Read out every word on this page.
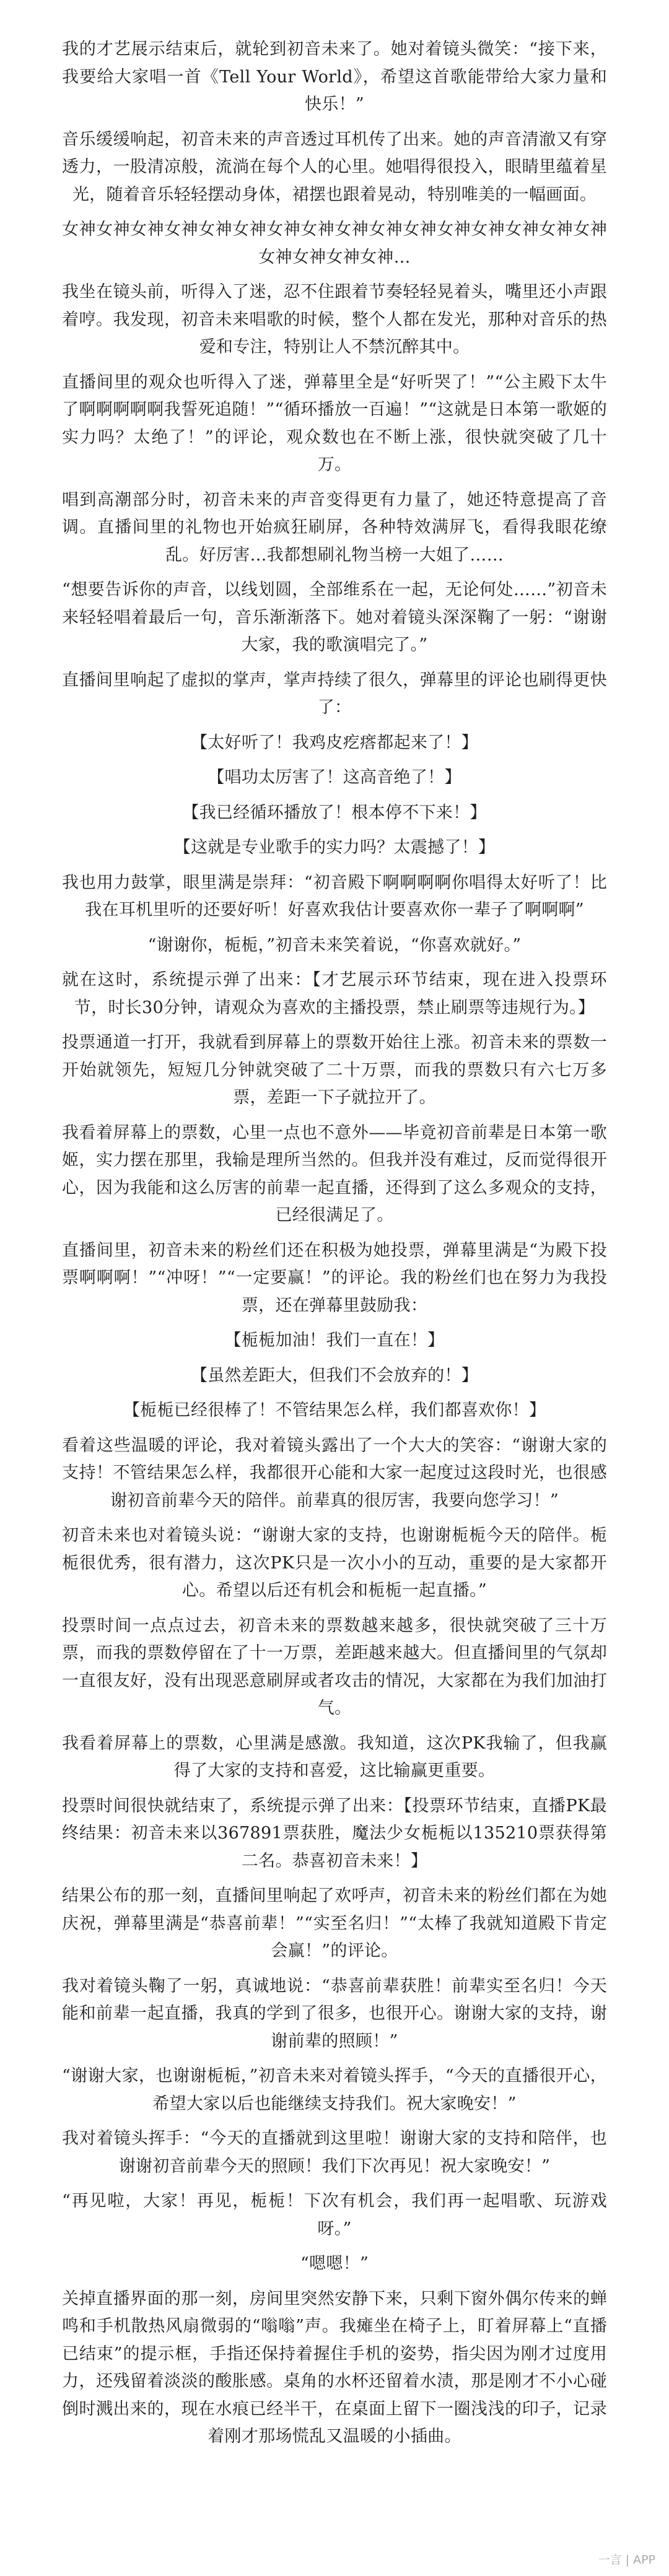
我的才艺展示结束后，就轮到初音未来了。她对着镜头微笑：“接下来，我要给大家唱一首《Tell Your World》，希望这首歌能带给大家力量和快乐！”

音乐缓缓响起，初音未来的声音透过耳机传了出来。她的声音清澈又有穿透力，一股清凉般，流淌在每个人的心里。她唱得很投入，眼睛里蕴着星光，随着音乐轻轻摆动身体，裙摆也跟着晃动，特别唯美的一幅画面。

女神女神女神女神女神女神女神女神女神女神女神女神女神女神女神女神女神女神女神女神…

我坐在镜头前，听得入了迷，忍不住跟着节奏轻轻晃着头，嘴里还小声跟着哼。我发现，初音未来唱歌的时候，整个人都在发光，那种对音乐的热爱和专注，特别让人不禁沉醉其中。

直播间里的观众也听得入了迷，弹幕里全是“好听哭了！”“公主殿下太牛了啊啊啊啊啊我誓死追随！”“循环播放一百遍！”“这就是日本第一歌姬的实力吗？太绝了！”的评论，观众数也在不断上涨，很快就突破了几十万。

唱到高潮部分时，初音未来的声音变得更有力量了，她还特意提高了音调。直播间里的礼物也开始疯狂刷屏，各种特效满屏飞，看得我眼花缭乱。好厉害…我都想刷礼物当榜一大姐了……

“想要告诉你的声音，以线划圆，全部维系在一起，无论何处……”初音未来轻轻唱着最后一句，音乐渐渐落下。她对着镜头深深鞠了一躬：“谢谢大家，我的歌演唱完了。”

直播间里响起了虚拟的掌声，掌声持续了很久，弹幕里的评论也刷得更快了：

【太好听了！我鸡皮疙瘩都起来了！】

【唱功太厉害了！这高音绝了！】

【我已经循环播放了！根本停不下来！】

【这就是专业歌手的实力吗？太震撼了！】

我也用力鼓掌，眼里满是崇拜：“初音殿下啊啊啊啊你唱得太好听了！比我在耳机里听的还要好听！好喜欢我估计要喜欢你一辈子了啊啊啊”

“谢谢你，栀栀，”初音未来笑着说，“你喜欢就好。”

就在这时，系统提示弹了出来：【才艺展示环节结束，现在进入投票环节，时长30分钟，请观众为喜欢的主播投票，禁止刷票等违规行为。】

投票通道一打开，我就看到屏幕上的票数开始往上涨。初音未来的票数一开始就领先，短短几分钟就突破了二十万票，而我的票数只有六七万多票，差距一下子就拉开了。

我看着屏幕上的票数，心里一点也不意外——毕竟初音前辈是日本第一歌姬，实力摆在那里，我输是理所当然的。但我并没有难过，反而觉得很开心，因为我能和这么厉害的前辈一起直播，还得到了这么多观众的支持，已经很满足了。

直播间里，初音未来的粉丝们还在积极为她投票，弹幕里满是“为殿下投票啊啊啊！”“冲呀！”“一定要赢！”的评论。我的粉丝们也在努力为我投票，还在弹幕里鼓励我：

【栀栀加油！我们一直在！】

【虽然差距大，但我们不会放弃的！】

【栀栀已经很棒了！不管结果怎么样，我们都喜欢你！】

看着这些温暖的评论，我对着镜头露出了一个大大的笑容：“谢谢大家的支持！不管结果怎么样，我都很开心能和大家一起度过这段时光，也很感谢初音前辈今天的陪伴。前辈真的很厉害，我要向您学习！”

初音未来也对着镜头说：“谢谢大家的支持，也谢谢栀栀今天的陪伴。栀栀很优秀，很有潜力，这次PK只是一次小小的互动，重要的是大家都开心。希望以后还有机会和栀栀一起直播。”

投票时间一点点过去，初音未来的票数越来越多，很快就突破了三十万票，而我的票数停留在了十一万票，差距越来越大。但直播间里的气氛却一直很友好，没有出现恶意刷屏或者攻击的情况，大家都在为我们加油打气。

我看着屏幕上的票数，心里满是感激。我知道，这次PK我输了，但我赢得了大家的支持和喜爱，这比输赢更重要。

投票时间很快就结束了，系统提示弹了出来：【投票环节结束，直播PK最终结果：初音未来以367891票获胜，魔法少女栀栀以135210票获得第二名。恭喜初音未来！】

结果公布的那一刻，直播间里响起了欢呼声，初音未来的粉丝们都在为她庆祝，弹幕里满是“恭喜前辈！”“实至名归！”“太棒了我就知道殿下肯定会赢！”的评论。

我对着镜头鞠了一躬，真诚地说：“恭喜前辈获胜！前辈实至名归！今天能和前辈一起直播，我真的学到了很多，也很开心。谢谢大家的支持，谢谢前辈的照顾！”

“谢谢大家，也谢谢栀栀，”初音未来对着镜头挥手，“今天的直播很开心，希望大家以后也能继续支持我们。祝大家晚安！”

我对着镜头挥手：“今天的直播就到这里啦！谢谢大家的支持和陪伴，也谢谢初音前辈今天的照顾！我们下次再见！祝大家晚安！”

“再见啦，大家！再见，栀栀！下次有机会，我们再一起唱歌、玩游戏呀。”

“嗯嗯！”

关掉直播界面的那一刻，房间里突然安静下来，只剩下窗外偶尔传来的蝉鸣和手机散热风扇微弱的“嗡嗡”声。我瘫坐在椅子上，盯着屏幕上“直播已结束”的提示框，手指还保持着握住手机的姿势，指尖因为刚才过度用力，还残留着淡淡的酸胀感。桌角的水杯还留着水渍，那是刚才不小心碰倒时溅出来的，现在水痕已经半干，在桌面上留下一圈浅浅的印子，记录着刚才那场慌乱又温暖的小插曲。

一言 | APP
